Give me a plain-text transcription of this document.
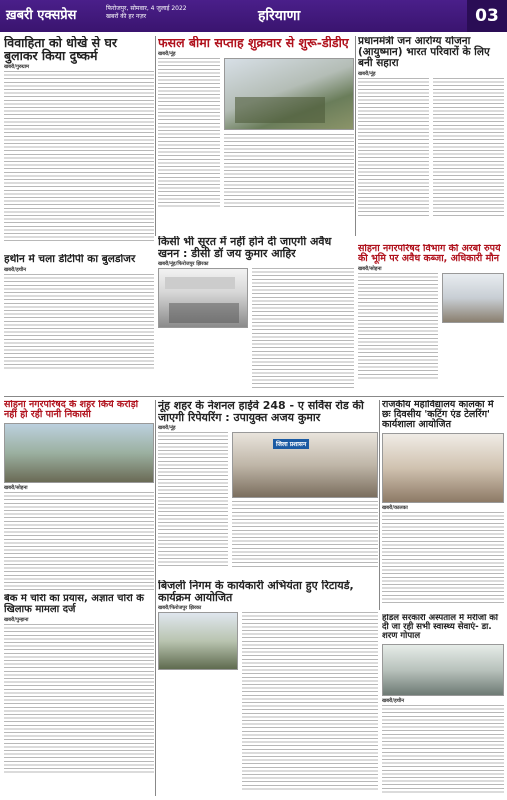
ख़बरी एक्सप्रेस	फिरोजपुर, सोमवार, 4 जुलाई 2022
खबरों की हर नज़र	हरियाणा	03
विवाहिता को धोखे से घर बुलाकर किया दुष्कर्म
खबरी/गुरुग्राम
फसल बीमा सप्ताह शुक्रवार से शुरू-डीडीए
खबरी/नूंह
प्रधानमंत्री जन आरोग्य योजना (आयुष्मान) भारत परिवारों के लिए बनी सहारा
खबरी/नूंह
किसी भी सूरत में नहीं होने दी जाएगी अवैध खनन : डीसी डॉ जय कुमार आहिर
खबरी/नूंह/फिरोजपुर झिरका
सोहना नगरपरिषद विभाग की अरबों रुपये की भूमि पर अवैध कब्जा, अधिकारी मौन
खबरी/सोहना
हथीन में चला डीटीपी का बुलडोजर
खबरी/हथीन
सोहना नगरपरिषद के शहर किये करोड़ों नहीं हो रही पानी निकासी
खबरी/सोहना
नूंह शहर के नेशनल हाईवे 248 - ए सर्विस रोड की जाएगी रिपेयरिंग : उपायुक्त अजय कुमार
खबरी/नूंह
जिला प्रशासन
राजकीय महाविद्यालय कालका में छः दिवसीय 'कटिंग एंड टेलरिंग' कार्यशाला आयोजित
खबरी/कालका
बैंक में चोरी का प्रयास, अज्ञात चोरों के खिलाफ मामला दर्ज
खबरी/पुन्हाना
बिजली निगम के कार्यकारी अभियंता हुए रिटायर्ड, कार्यक्रम आयोजित
खबरी/फिरोजपुर झिरका
होडल सरकारी अस्पताल में मरीजों को दी जा रही सभी स्वास्थ्य सेवाएं- डा. शरण गोपाल
खबरी/हथीन
